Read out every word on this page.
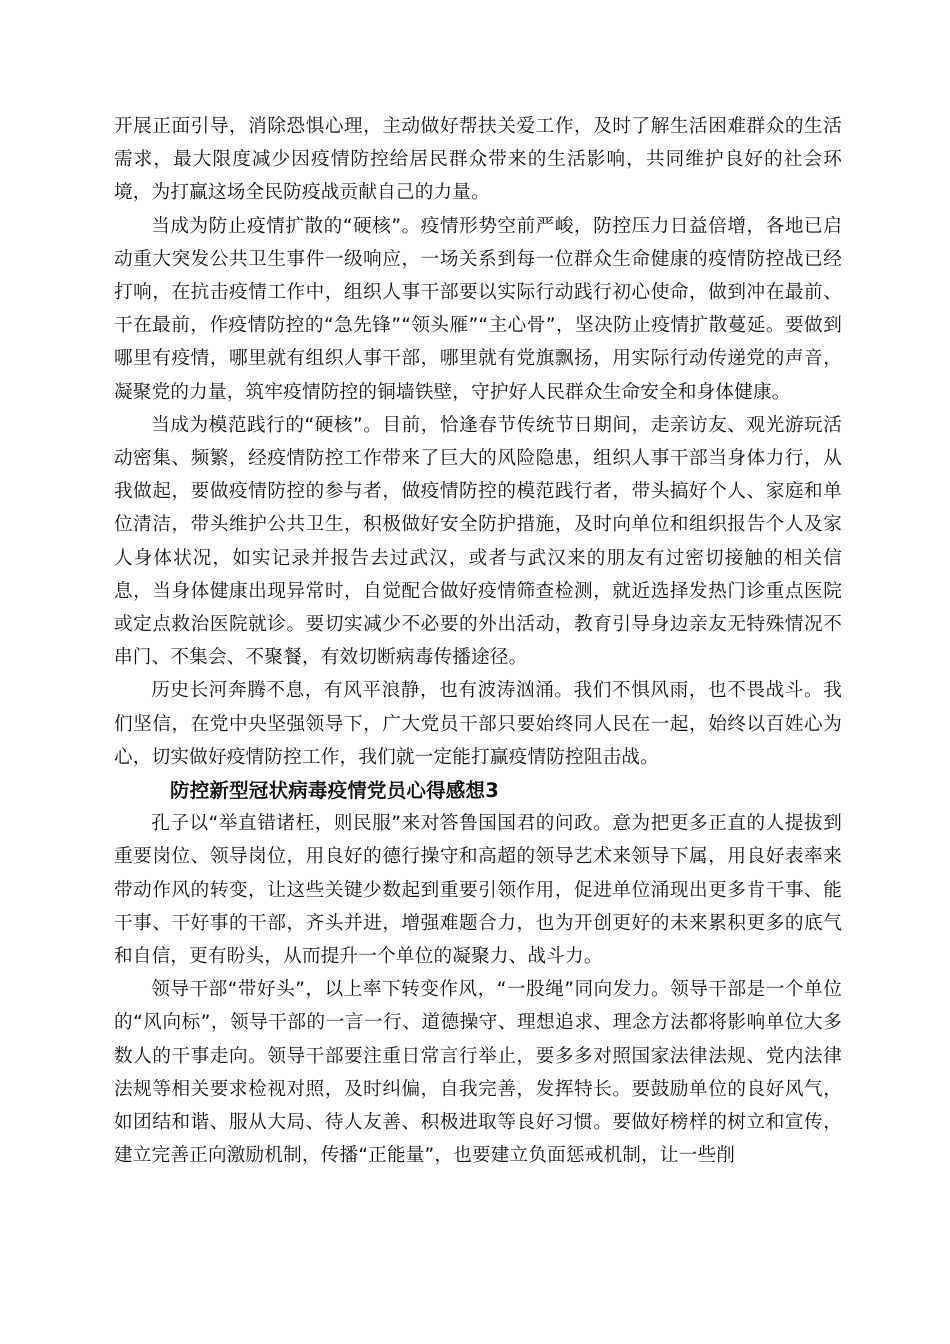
开展正面引导，消除恐惧心理，主动做好帮扶关爱工作，及时了解生活困难群众的生活需求，最大限度减少因疫情防控给居民群众带来的生活影响，共同维护良好的社会环境，为打赢这场全民防疫战贡献自己的力量。

当成为防止疫情扩散的“硬核”。疫情形势空前严峻，防控压力日益倍增，各地已启动重大突发公共卫生事件一级响应，一场关系到每一位群众生命健康的疫情防控战已经打响，在抗击疫情工作中，组织人事干部要以实际行动践行初心使命，做到冲在最前、干在最前，作疫情防控的“急先锋”“领头雁”“主心骨”，坚决防止疫情扩散蔓延。要做到哪里有疫情，哪里就有组织人事干部，哪里就有党旗飘扬，用实际行动传递党的声音，凝聚党的力量，筑牢疫情防控的铜墙铁壁，守护好人民群众生命安全和身体健康。

当成为模范践行的“硬核”。目前，恰逢春节传统节日期间，走亲访友、观光游玩活动密集、频繁，经疫情防控工作带来了巨大的风险隐患，组织人事干部当身体力行，从我做起，要做疫情防控的参与者，做疫情防控的模范践行者，带头搞好个人、家庭和单位清洁，带头维护公共卫生，积极做好安全防护措施，及时向单位和组织报告个人及家人身体状况，如实记录并报告去过武汉，或者与武汉来的朋友有过密切接触的相关信息，当身体健康出现异常时，自觉配合做好疫情筛查检测，就近选择发热门诊重点医院或定点救治医院就诊。要切实减少不必要的外出活动，教育引导身边亲友无特殊情况不串门、不集会、不聚餐，有效切断病毒传播途径。

历史长河奔腾不息，有风平浪静，也有波涛汹涌。我们不惧风雨，也不畏战斗。我们坚信，在党中央坚强领导下，广大党员干部只要始终同人民在一起，始终以百姓心为心，切实做好疫情防控工作，我们就一定能打赢疫情防控阻击战。

防控新型冠状病毒疫情党员心得感想3

孔子以“举直错诸枉，则民服”来对答鲁国国君的问政。意为把更多正直的人提拔到重要岗位、领导岗位，用良好的德行操守和高超的领导艺术来领导下属，用良好表率来带动作风的转变，让这些关键少数起到重要引领作用，促进单位涌现出更多肯干事、能干事、干好事的干部，齐头并进，增强难题合力，也为开创更好的未来累积更多的底气和自信，更有盼头，从而提升一个单位的凝聚力、战斗力。

领导干部“带好头”，以上率下转变作风，“一股绳”同向发力。领导干部是一个单位的“风向标”，领导干部的一言一行、道德操守、理想追求、理念方法都将影响单位大多数人的干事走向。领导干部要注重日常言行举止，要多多对照国家法律法规、党内法律法规等相关要求检视对照，及时纠偏，自我完善，发挥特长。要鼓励单位的良好风气，如团结和谐、服从大局、待人友善、积极进取等良好习惯。要做好榜样的树立和宣传，建立完善正向激励机制，传播“正能量”，也要建立负面惩戒机制，让一些削
